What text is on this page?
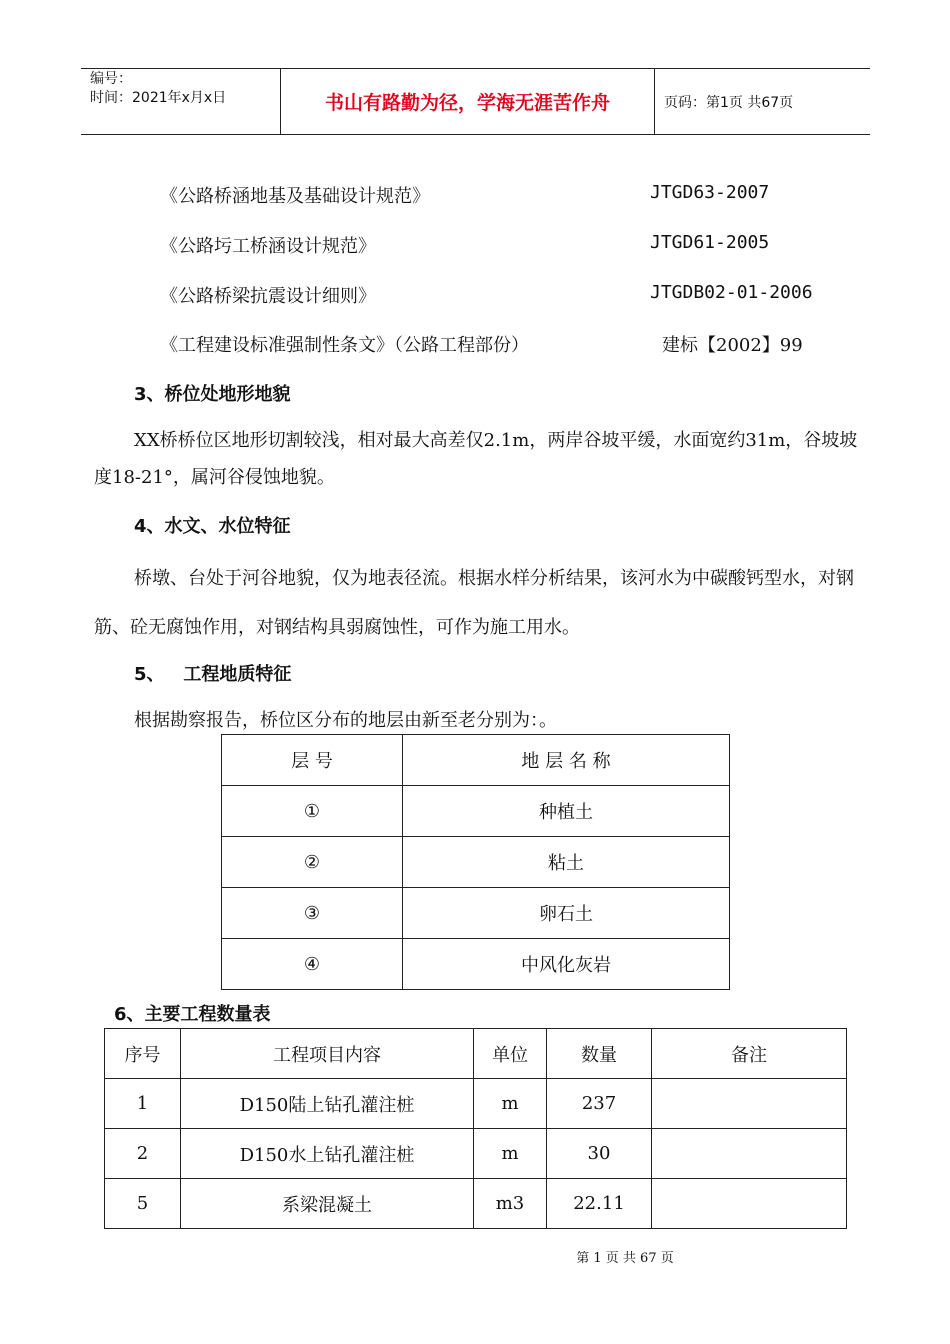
编号：
时间：2021年x月x日	书山有路勤为径，学海无涯苦作舟	页码：第1页 共67页
《公路桥涵地基及基础设计规范》	JTGD63-2007
《公路圬工桥涵设计规范》	JTGD61-2005
《公路桥梁抗震设计细则》	JTGDB02-01-2006
《工程建设标准强制性条文》（公路工程部份）	建标【2002】99
3、桥位处地形地貌
XX桥桥位区地形切割较浅，相对最大高差仅2.1m，两岸谷坡平缓，水面宽约31m，谷坡坡度18-21°，属河谷侵蚀地貌。
4、水文、水位特征
桥墩、台处于河谷地貌，仅为地表径流。根据水样分析结果，该河水为中碳酸钙型水，对钢筋、砼无腐蚀作用，对钢结构具弱腐蚀性，可作为施工用水。
5、   工程地质特征
根据勘察报告，桥位区分布的地层由新至老分别为：。
层 号	地 层 名 称
①	种植土
②	粘土
③	卵石土
④	中风化灰岩
6、主要工程数量表
序号	工程项目内容	单位	数量	备注
1	D150陆上钻孔灌注桩	m	237	
2	D150水上钻孔灌注桩	m	30	
5	系梁混凝土	m3	22.11	
第 1 页 共 67 页
